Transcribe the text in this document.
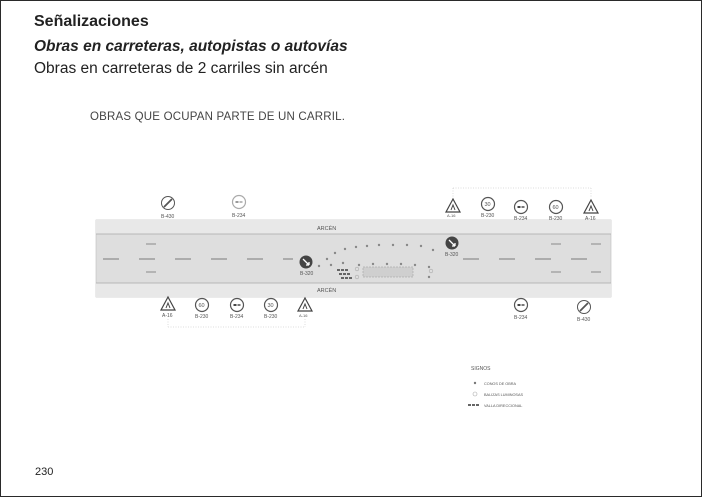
Señalizaciones
Obras en carreteras, autopistas o autovías
Obras en carreteras de 2 carriles sin arcén
OBRAS QUE OCUPAN PARTE DE UN CARRIL.
ARCÉN
ARCÉN
B-320
B-320
B-430	B-234	A-16
30
B-230	B-234
60
B-230	A-16
A-16
60
B-230	B-234
30
B-230	A-16	B-234	B-430
SIGNOS
CONOS DE OBRA
BALIZAS LUMINOSAS
VALLA DIRECCIONAL
230
